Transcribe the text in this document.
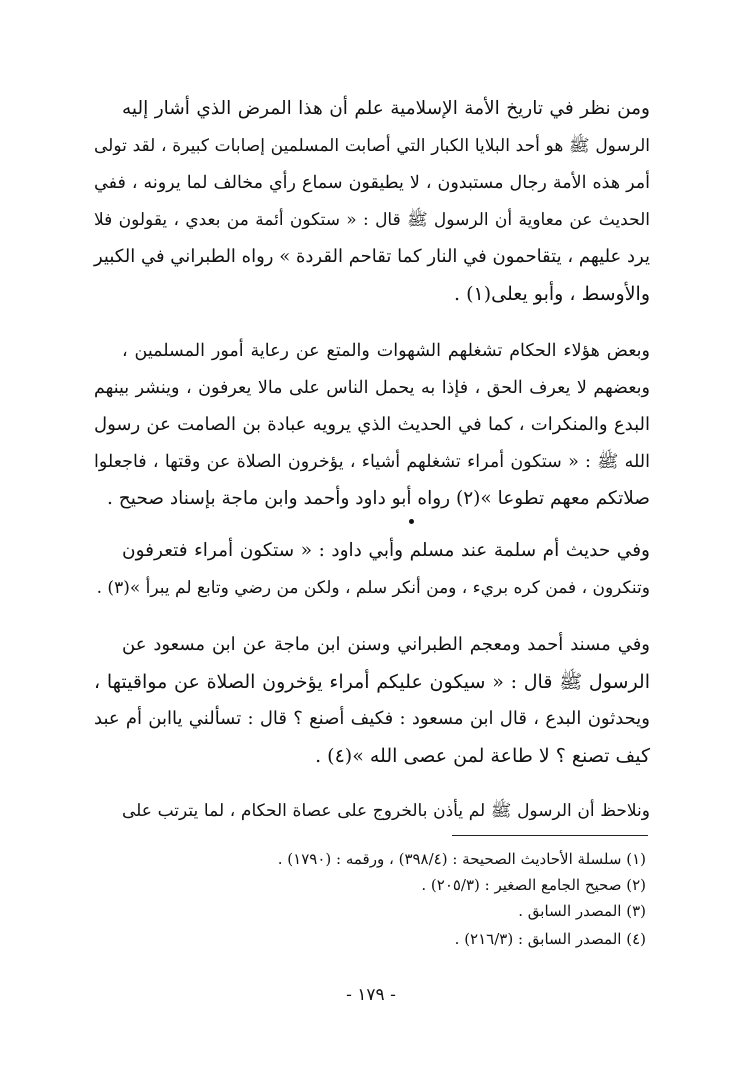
ومن نظر في تاريخ الأمة الإسلامية علم أن هذا المرض الذي أشار إليه
الرسول ﷺ هو أحد البلايا الكبار التي أصابت المسلمين إصابات كبيرة ، لقد تولى
أمر هذه الأمة رجال مستبدون ، لا يطيقون سماع رأي مخالف لما يرونه ، ففي
الحديث عن معاوية أن الرسول ﷺ قال : « ستكون أئمة من بعدي ، يقولون فلا
يرد عليهم ، يتقاحمون في النار كما تقاحم القردة » رواه الطبراني في الكبير
والأوسط ، وأبو يعلى(١) .
وبعض هؤلاء الحكام تشغلهم الشهوات والمتع عن رعاية أمور المسلمين ،
وبعضهم لا يعرف الحق ، فإذا به يحمل الناس على مالا يعرفون ، وينشر بينهم
البدع والمنكرات ، كما في الحديث الذي يرويه عبادة بن الصامت عن رسول
الله ﷺ : « ستكون أمراء تشغلهم أشياء ، يؤخرون الصلاة عن وقتها ، فاجعلوا
صلاتكم معهم تطوعا »(٢) رواه أبو داود وأحمد وابن ماجة بإسناد صحيح .
وفي حديث أم سلمة عند مسلم وأبي داود : « ستكون أمراء فتعرفون
وتنكرون ، فمن كره بريء ، ومن أنكر سلم ، ولكن من رضي وتابع لم يبرأ »(٣) .
وفي مسند أحمد ومعجم الطبراني وسنن ابن ماجة عن ابن مسعود عن
الرسول ﷺ قال : « سيكون عليكم أمراء يؤخرون الصلاة عن مواقيتها ،
ويحدثون البدع ، قال ابن مسعود : فكيف أصنع ؟ قال : تسألني ياابن أم عبد
كيف تصنع ؟ لا طاعة لمن عصى الله »(٤) .
ونلاحظ أن الرسول ﷺ لم يأذن بالخروج على عصاة الحكام ، لما يترتب على
(١) سلسلة الأحاديث الصحيحة : (٣٩٨/٤) ، ورقمه : (١٧٩٠) .
(٢) صحيح الجامع الصغير : (٢٠٥/٣) .
(٣) المصدر السابق .
(٤) المصدر السابق : (٢١٦/٣) .
- ١٧٩ -
